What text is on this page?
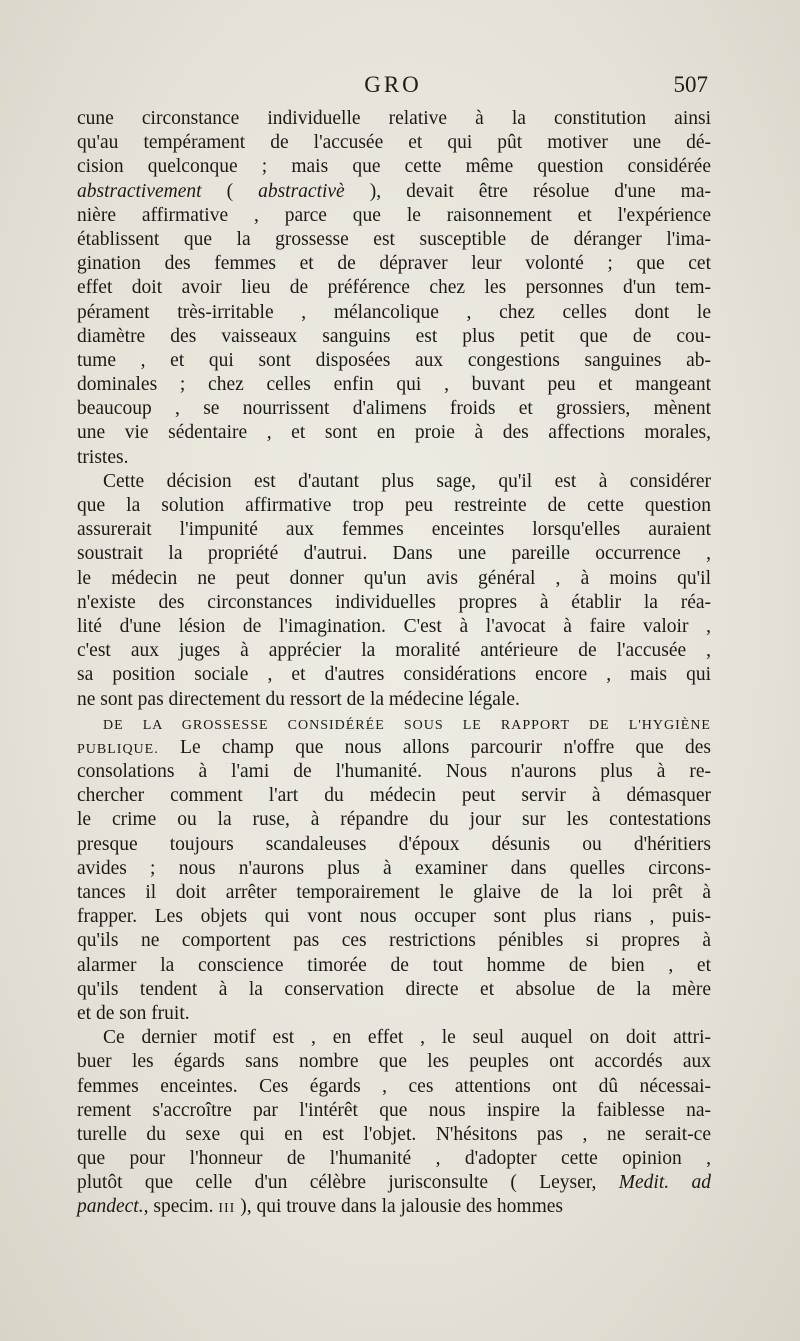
GRO	507
cune circonstance individuelle relative à la constitution ainsi
qu'au tempérament de l'accusée et qui pût motiver une dé-
cision quelconque ; mais que cette même question considérée
abstractivement ( abstractivè ), devait être résolue d'une ma-
nière affirmative , parce que le raisonnement et l'expérience
établissent que la grossesse est susceptible de déranger l'ima-
gination des femmes et de dépraver leur volonté ; que cet
effet doit avoir lieu de préférence chez les personnes d'un tem-
pérament très-irritable , mélancolique , chez celles dont le
diamètre des vaisseaux sanguins est plus petit que de cou-
tume , et qui sont disposées aux congestions sanguines ab-
dominales ; chez celles enfin qui , buvant peu et mangeant
beaucoup , se nourrissent d'alimens froids et grossiers, mènent
une vie sédentaire , et sont en proie à des affections morales,
tristes.
Cette décision est d'autant plus sage, qu'il est à considérer
que la solution affirmative trop peu restreinte de cette question
assurerait l'impunité aux femmes enceintes lorsqu'elles auraient
soustrait la propriété d'autrui. Dans une pareille occurrence ,
le médecin ne peut donner qu'un avis général , à moins qu'il
n'existe des circonstances individuelles propres à établir la réa-
lité d'une lésion de l'imagination. C'est à l'avocat à faire valoir ,
c'est aux juges à apprécier la moralité antérieure de l'accusée ,
sa position sociale , et d'autres considérations encore , mais qui
ne sont pas directement du ressort de la médecine légale.
DE LA GROSSESSE CONSIDÉRÉE SOUS LE RAPPORT DE L'HYGIÈNE
PUBLIQUE. Le champ que nous allons parcourir n'offre que des
consolations à l'ami de l'humanité. Nous n'aurons plus à re-
chercher comment l'art du médecin peut servir à démasquer
le crime ou la ruse, à répandre du jour sur les contestations
presque toujours scandaleuses d'époux désunis ou d'héritiers
avides ; nous n'aurons plus à examiner dans quelles circons-
tances il doit arrêter temporairement le glaive de la loi prêt à
frapper. Les objets qui vont nous occuper sont plus rians , puis-
qu'ils ne comportent pas ces restrictions pénibles si propres à
alarmer la conscience timorée de tout homme de bien , et
qu'ils tendent à la conservation directe et absolue de la mère
et de son fruit.
Ce dernier motif est , en effet , le seul auquel on doit attri-
buer les égards sans nombre que les peuples ont accordés aux
femmes enceintes. Ces égards , ces attentions ont dû nécessai-
rement s'accroître par l'intérêt que nous inspire la faiblesse na-
turelle du sexe qui en est l'objet. N'hésitons pas , ne serait-ce
que pour l'honneur de l'humanité , d'adopter cette opinion ,
plutôt que celle d'un célèbre jurisconsulte ( Leyser, Medit. ad
pandect., specim. III ), qui trouve dans la jalousie des hommes
